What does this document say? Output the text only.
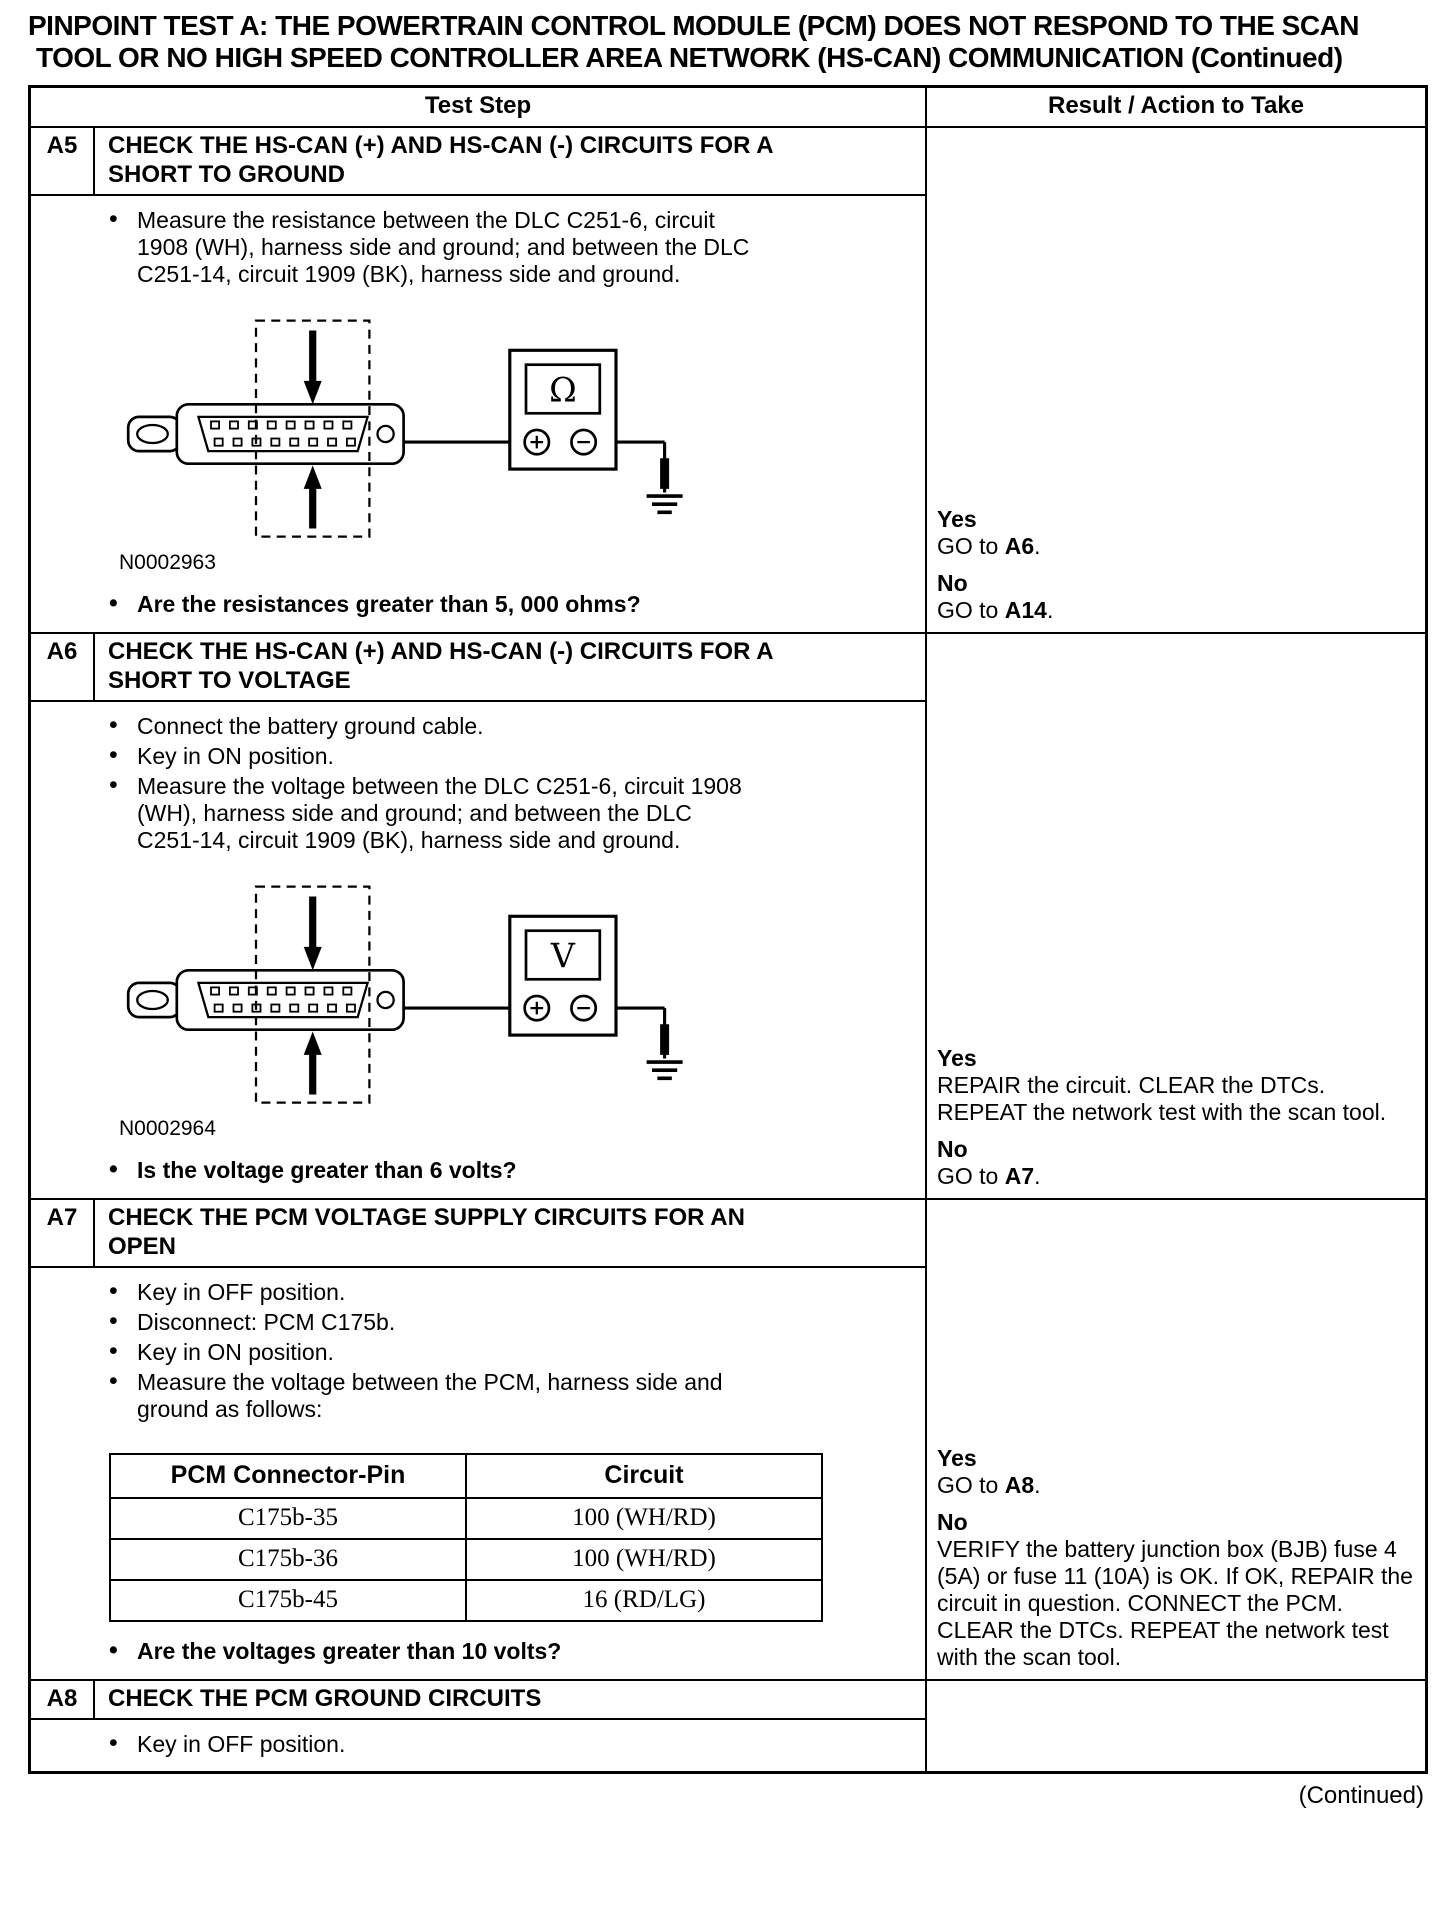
PINPOINT TEST A: THE POWERTRAIN CONTROL MODULE (PCM) DOES NOT RESPOND TO THE SCAN
TOOL OR NO HIGH SPEED CONTROLLER AREA NETWORK (HS-CAN) COMMUNICATION (Continued)
Test Step	Result / Action to Take
A5	CHECK THE HS-CAN (+) AND HS-CAN (-) CIRCUITS FOR A SHORT TO GROUND
• Measure the resistance between the DLC C251-6, circuit 1908 (WH), harness side and ground; and between the DLC C251-14, circuit 1909 (BK), harness side and ground.
Ω
N0002963
• Are the resistances greater than 5, 000 ohms?
Yes
GO to A6.
No
GO to A14.
A6	CHECK THE HS-CAN (+) AND HS-CAN (-) CIRCUITS FOR A SHORT TO VOLTAGE
• Connect the battery ground cable.
• Key in ON position.
• Measure the voltage between the DLC C251-6, circuit 1908 (WH), harness side and ground; and between the DLC C251-14, circuit 1909 (BK), harness side and ground.
V
N0002964
• Is the voltage greater than 6 volts?
Yes
REPAIR the circuit. CLEAR the DTCs. REPEAT the network test with the scan tool.
No
GO to A7.
A7	CHECK THE PCM VOLTAGE SUPPLY CIRCUITS FOR AN OPEN
• Key in OFF position.
• Disconnect: PCM C175b.
• Key in ON position.
• Measure the voltage between the PCM, harness side and ground as follows:
PCM Connector-Pin	Circuit
C175b-35	100 (WH/RD)
C175b-36	100 (WH/RD)
C175b-45	16 (RD/LG)
• Are the voltages greater than 10 volts?
Yes
GO to A8.
No
VERIFY the battery junction box (BJB) fuse 4 (5A) or fuse 11 (10A) is OK. If OK, REPAIR the circuit in question. CONNECT the PCM. CLEAR the DTCs. REPEAT the network test with the scan tool.
A8	CHECK THE PCM GROUND CIRCUITS
• Key in OFF position.
(Continued)
